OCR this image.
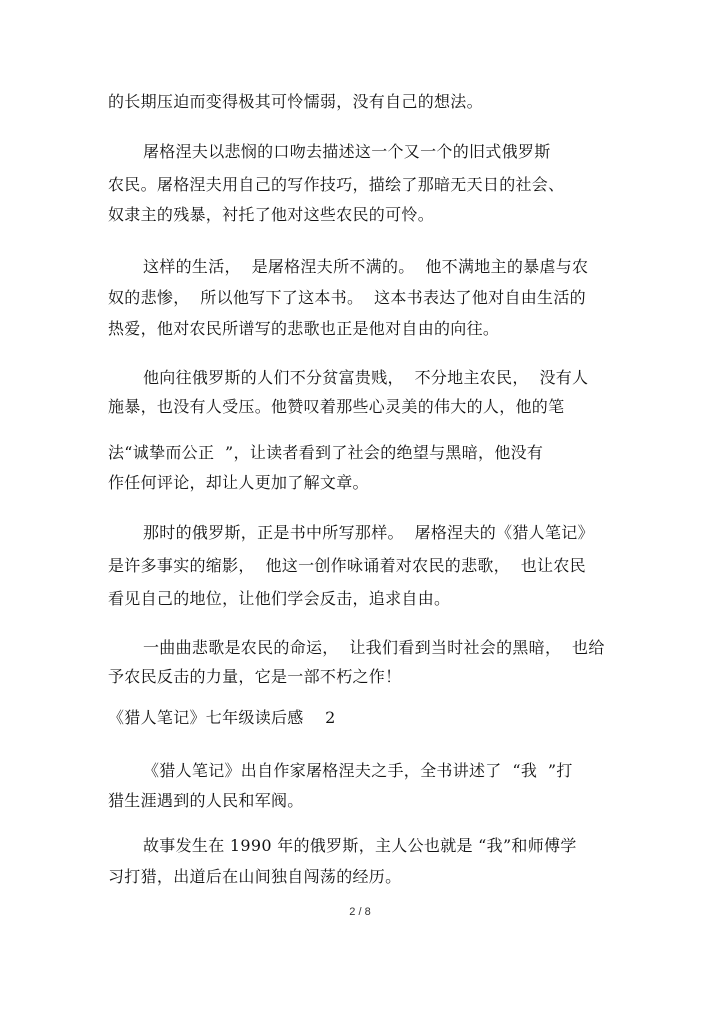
的长期压迫而变得极其可怜懦弱，没有自己的想法。
屠格涅夫以悲悯的口吻去描述这一个又一个的旧式俄罗斯
农民。屠格涅夫用自己的写作技巧，描绘了那暗无天日的社会、
奴隶主的残暴，衬托了他对这些农民的可怜。
这样的生活，  是屠格涅夫所不满的。  他不满地主的暴虐与农
奴的悲惨，  所以他写下了这本书。  这本书表达了他对自由生活的
热爱，他对农民所谱写的悲歌也正是他对自由的向往。
他向往俄罗斯的人们不分贫富贵贱，  不分地主农民，  没有人
施暴，也没有人受压。他赞叹着那些心灵美的伟大的人，他的笔
法“诚挚而公正  ”，让读者看到了社会的绝望与黑暗，他没有
作任何评论，却让人更加了解文章。
那时的俄罗斯，正是书中所写那样。  屠格涅夫的《猎人笔记》
是许多事实的缩影，  他这一创作咏诵着对农民的悲歌，  也让农民
看见自己的地位，让他们学会反击，追求自由。
一曲曲悲歌是农民的命运，  让我们看到当时社会的黑暗，  也给
予农民反击的力量，它是一部不朽之作！
《猎人笔记》七年级读后感    2
《猎人笔记》出自作家屠格涅夫之手，全书讲述了  “我  ”打
猎生涯遇到的人民和军阀。
故事发生在 1990 年的俄罗斯，主人公也就是 “我”和师傅学
习打猎，出道后在山间独自闯荡的经历。
2 / 8
